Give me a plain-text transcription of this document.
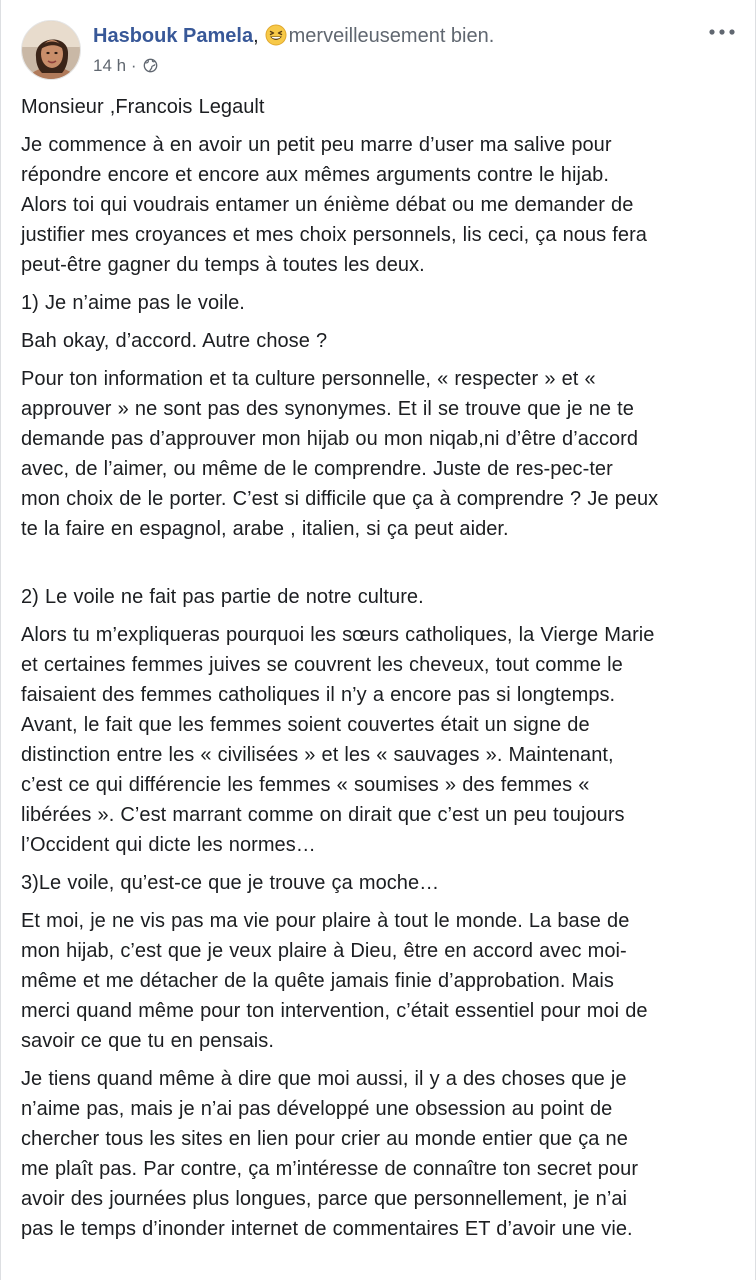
Hasbouk Pamela, merveilleusement bien.
14 h ·

Monsieur ,Francois Legault

Je commence à en avoir un petit peu marre d’user ma salive pour
répondre encore et encore aux mêmes arguments contre le hijab.
Alors toi qui voudrais entamer un énième débat ou me demander de
justifier mes croyances et mes choix personnels, lis ceci, ça nous fera
peut-être gagner du temps à toutes les deux.

1) Je n’aime pas le voile.

Bah okay, d’accord. Autre chose ?

Pour ton information et ta culture personnelle, « respecter » et «
approuver » ne sont pas des synonymes. Et il se trouve que je ne te
demande pas d’approuver mon hijab ou mon niqab,ni d’être d’accord
avec, de l’aimer, ou même de le comprendre. Juste de res-pec-ter
mon choix de le porter. C’est si difficile que ça à comprendre ? Je peux
te la faire en espagnol, arabe , italien, si ça peut aider.

2) Le voile ne fait pas partie de notre culture.

Alors tu m’expliqueras pourquoi les sœurs catholiques, la Vierge Marie
et certaines femmes juives se couvrent les cheveux, tout comme le
faisaient des femmes catholiques il n’y a encore pas si longtemps.
Avant, le fait que les femmes soient couvertes était un signe de
distinction entre les « civilisées » et les « sauvages ». Maintenant,
c’est ce qui différencie les femmes « soumises » des femmes «
libérées ». C’est marrant comme on dirait que c’est un peu toujours
l’Occident qui dicte les normes…

3)Le voile, qu’est-ce que je trouve ça moche…

Et moi, je ne vis pas ma vie pour plaire à tout le monde. La base de
mon hijab, c’est que je veux plaire à Dieu, être en accord avec moi-
même et me détacher de la quête jamais finie d’approbation. Mais
merci quand même pour ton intervention, c’était essentiel pour moi de
savoir ce que tu en pensais.

Je tiens quand même à dire que moi aussi, il y a des choses que je
n’aime pas, mais je n’ai pas développé une obsession au point de
chercher tous les sites en lien pour crier au monde entier que ça ne
me plaît pas. Par contre, ça m’intéresse de connaître ton secret pour
avoir des journées plus longues, parce que personnellement, je n’ai
pas le temps d’inonder internet de commentaires ET d’avoir une vie.
